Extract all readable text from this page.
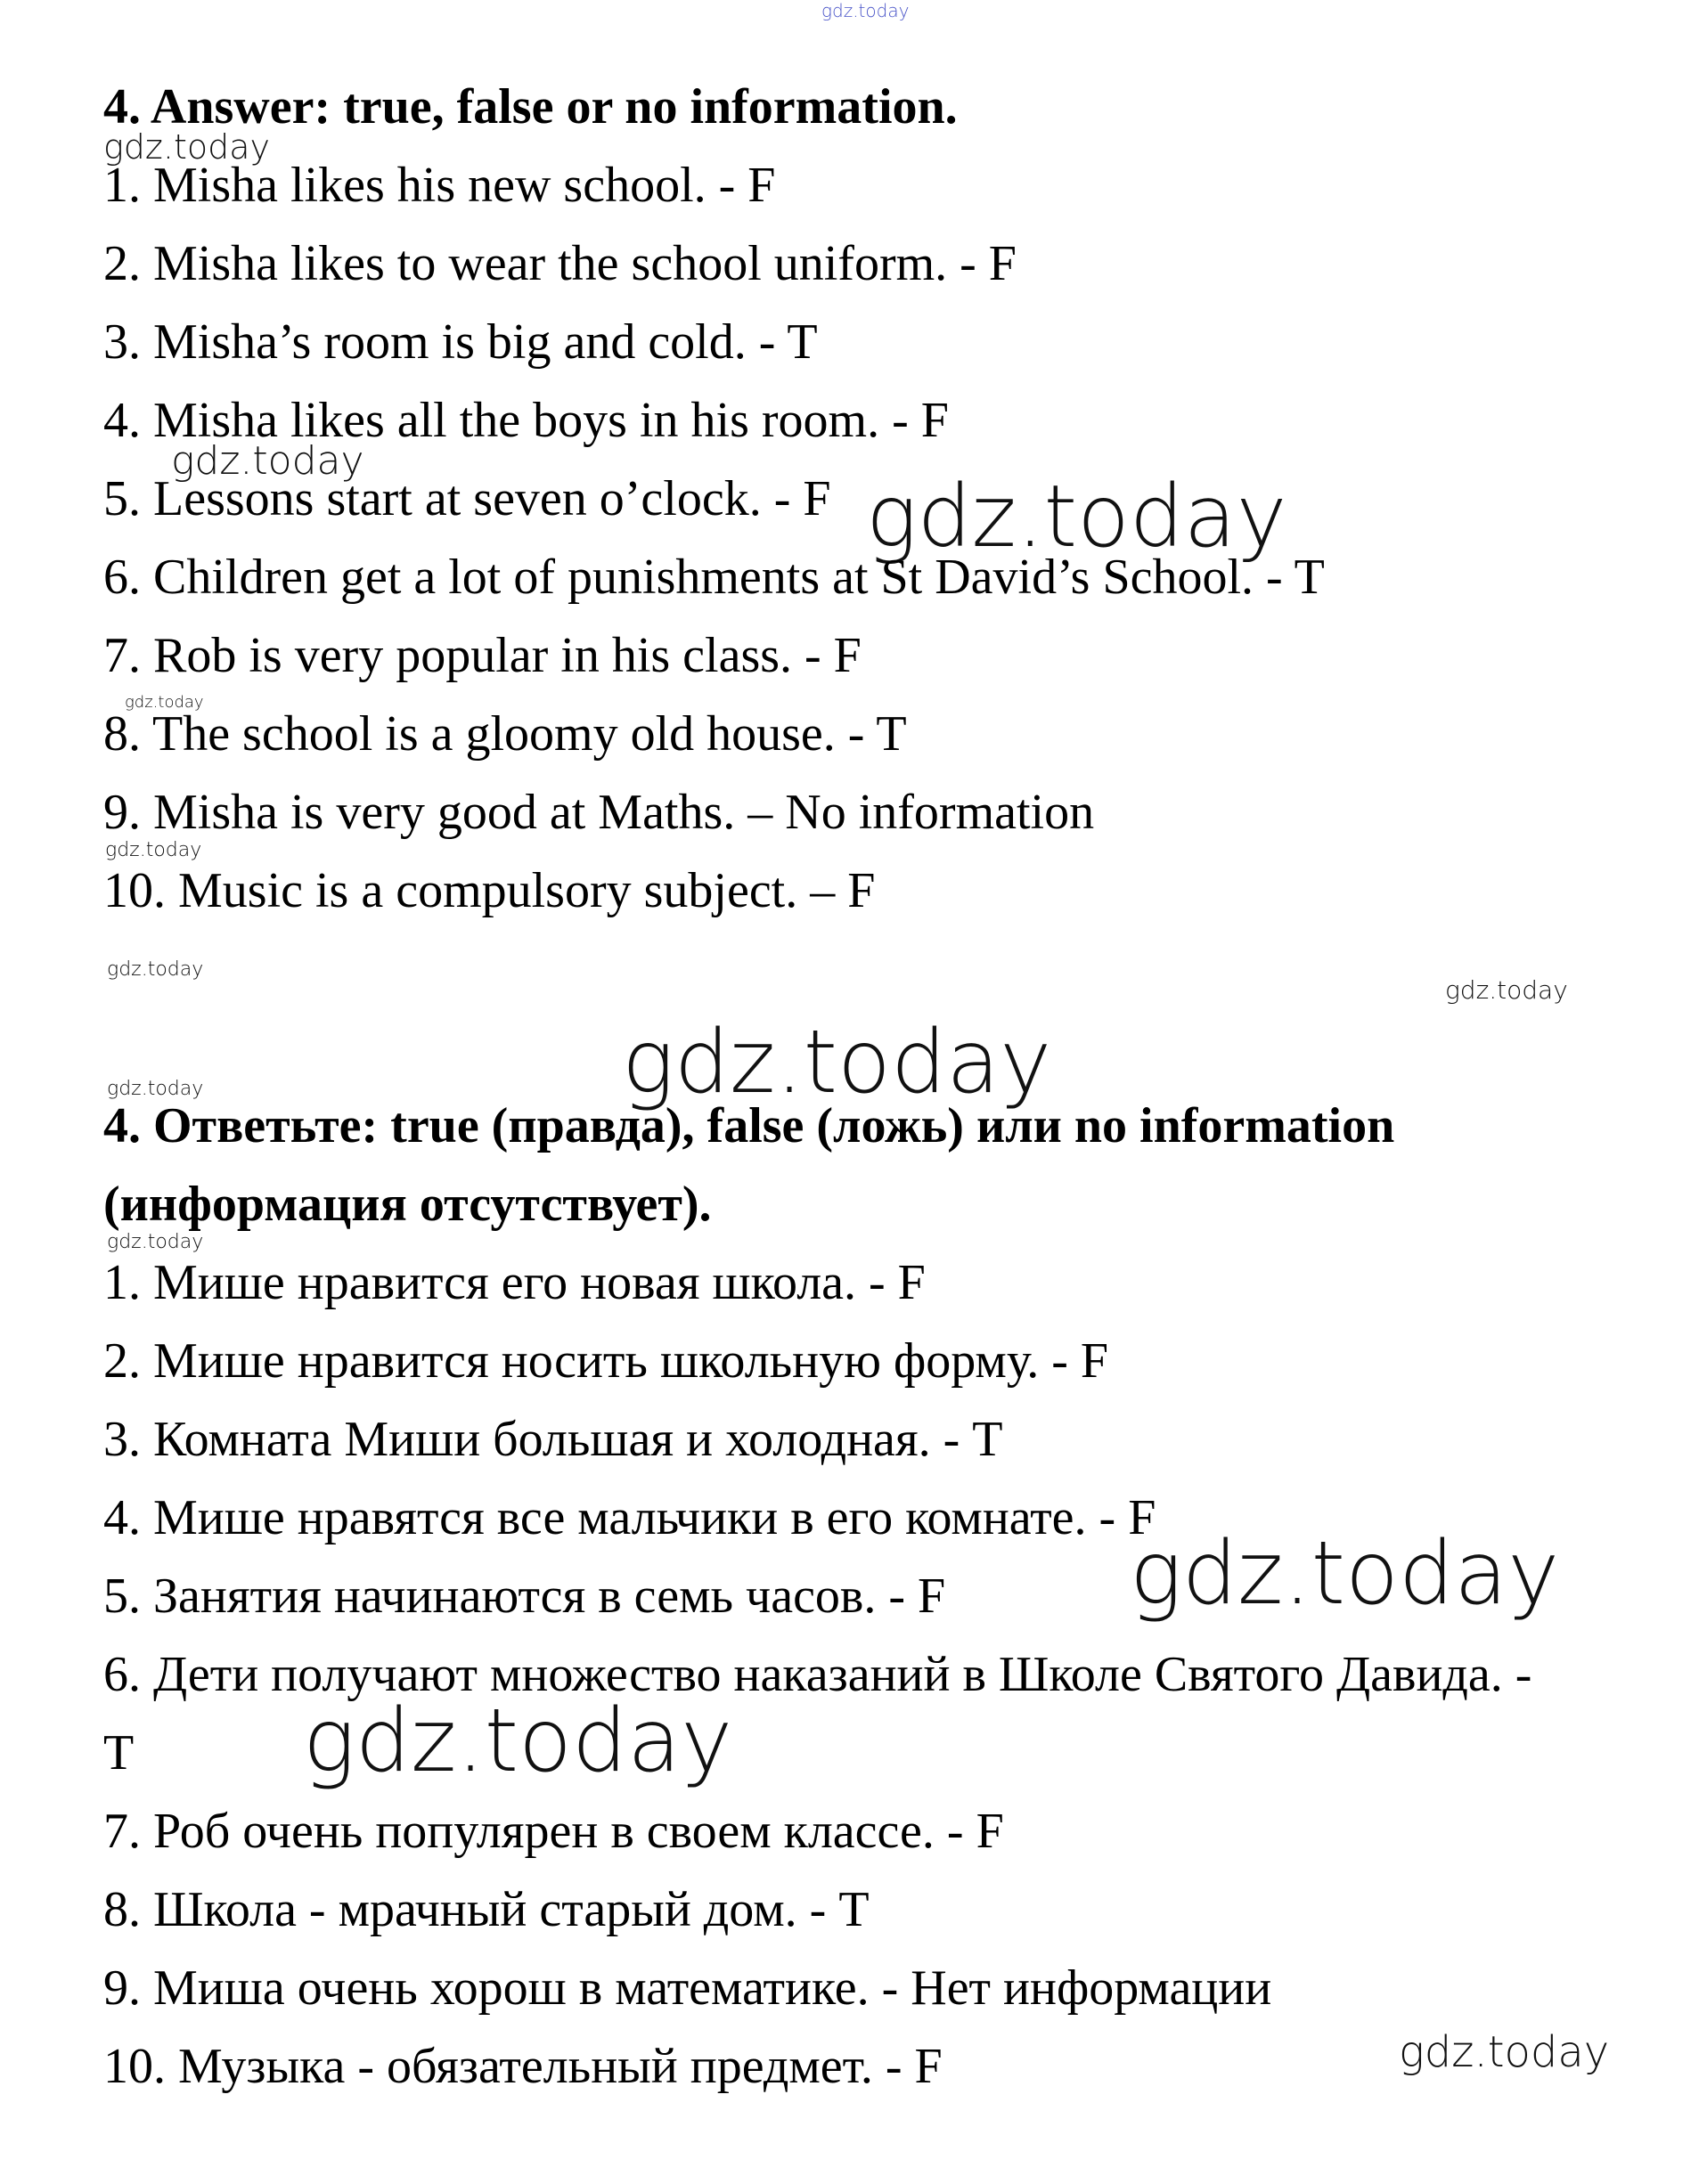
gdz.today
gdz.today
gdz.today
gdz.today
gdz.today
gdz.today
gdz.today
gdz.today
gdz.today
gdz.today
gdz.today
gdz.today
gdz.today
gdz.today

4. Answer: true, false or no information.

1. Misha likes his new school. - F

2. Misha likes to wear the school uniform. - F

3. Misha’s room is big and cold. - T

4. Misha likes all the boys in his room. - F

5. Lessons start at seven o’clock. - F

6. Children get a lot of punishments at St David’s School. - T

7. Rob is very popular in his class. - F

8. The school is a gloomy old house. - T

9. Misha is very good at Maths. – No information

10. Music is a compulsory subject. – F

4. Ответьте: true (правда), false (ложь) или no information

(информация отсутствует).

1. Мише нравится его новая школа. - F

2. Мише нравится носить школьную форму. - F

3. Комната Миши большая и холодная. - T

4. Мише нравятся все мальчики в его комнате. - F

5. Занятия начинаются в семь часов. - F

6. Дети получают множество наказаний в Школе Святого Давида. -

T

7. Роб очень популярен в своем классе. - F

8. Школа - мрачный старый дом. - T

9. Миша очень хорош в математике. - Нет информации

10. Музыка - обязательный предмет. - F
